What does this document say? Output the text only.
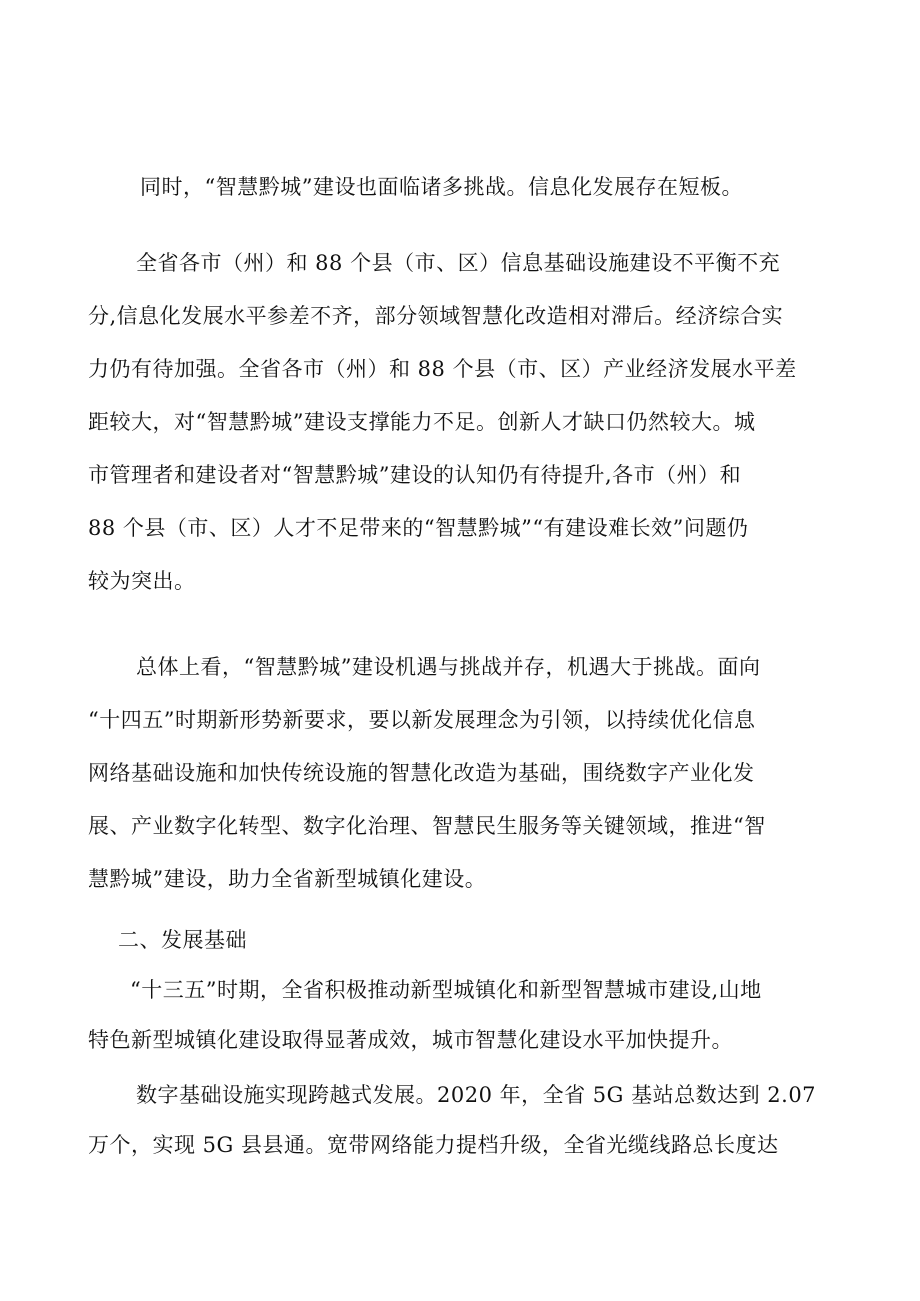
同时，“智慧黔城”建设也面临诸多挑战。信息化发展存在短板。
全省各市（州）和 88 个县（市、区）信息基础设施建设不平衡不充
分,信息化发展水平参差不齐，部分领域智慧化改造相对滞后。经济综合实
力仍有待加强。全省各市（州）和 88 个县（市、区）产业经济发展水平差
距较大，对“智慧黔城”建设支撑能力不足。创新人才缺口仍然较大。城
市管理者和建设者对“智慧黔城”建设的认知仍有待提升,各市（州）和
88 个县（市、区）人才不足带来的“智慧黔城”“有建设难长效”问题仍
较为突出。
总体上看，“智慧黔城”建设机遇与挑战并存，机遇大于挑战。面向
“十四五”时期新形势新要求，要以新发展理念为引领，以持续优化信息
网络基础设施和加快传统设施的智慧化改造为基础，围绕数字产业化发
展、产业数字化转型、数字化治理、智慧民生服务等关键领域，推进“智
慧黔城”建设，助力全省新型城镇化建设。
二、发展基础
“十三五”时期，全省积极推动新型城镇化和新型智慧城市建设,山地
特色新型城镇化建设取得显著成效，城市智慧化建设水平加快提升。
数字基础设施实现跨越式发展。2020 年，全省 5G 基站总数达到 2.07
万个，实现 5G 县县通。宽带网络能力提档升级，全省光缆线路总长度达
